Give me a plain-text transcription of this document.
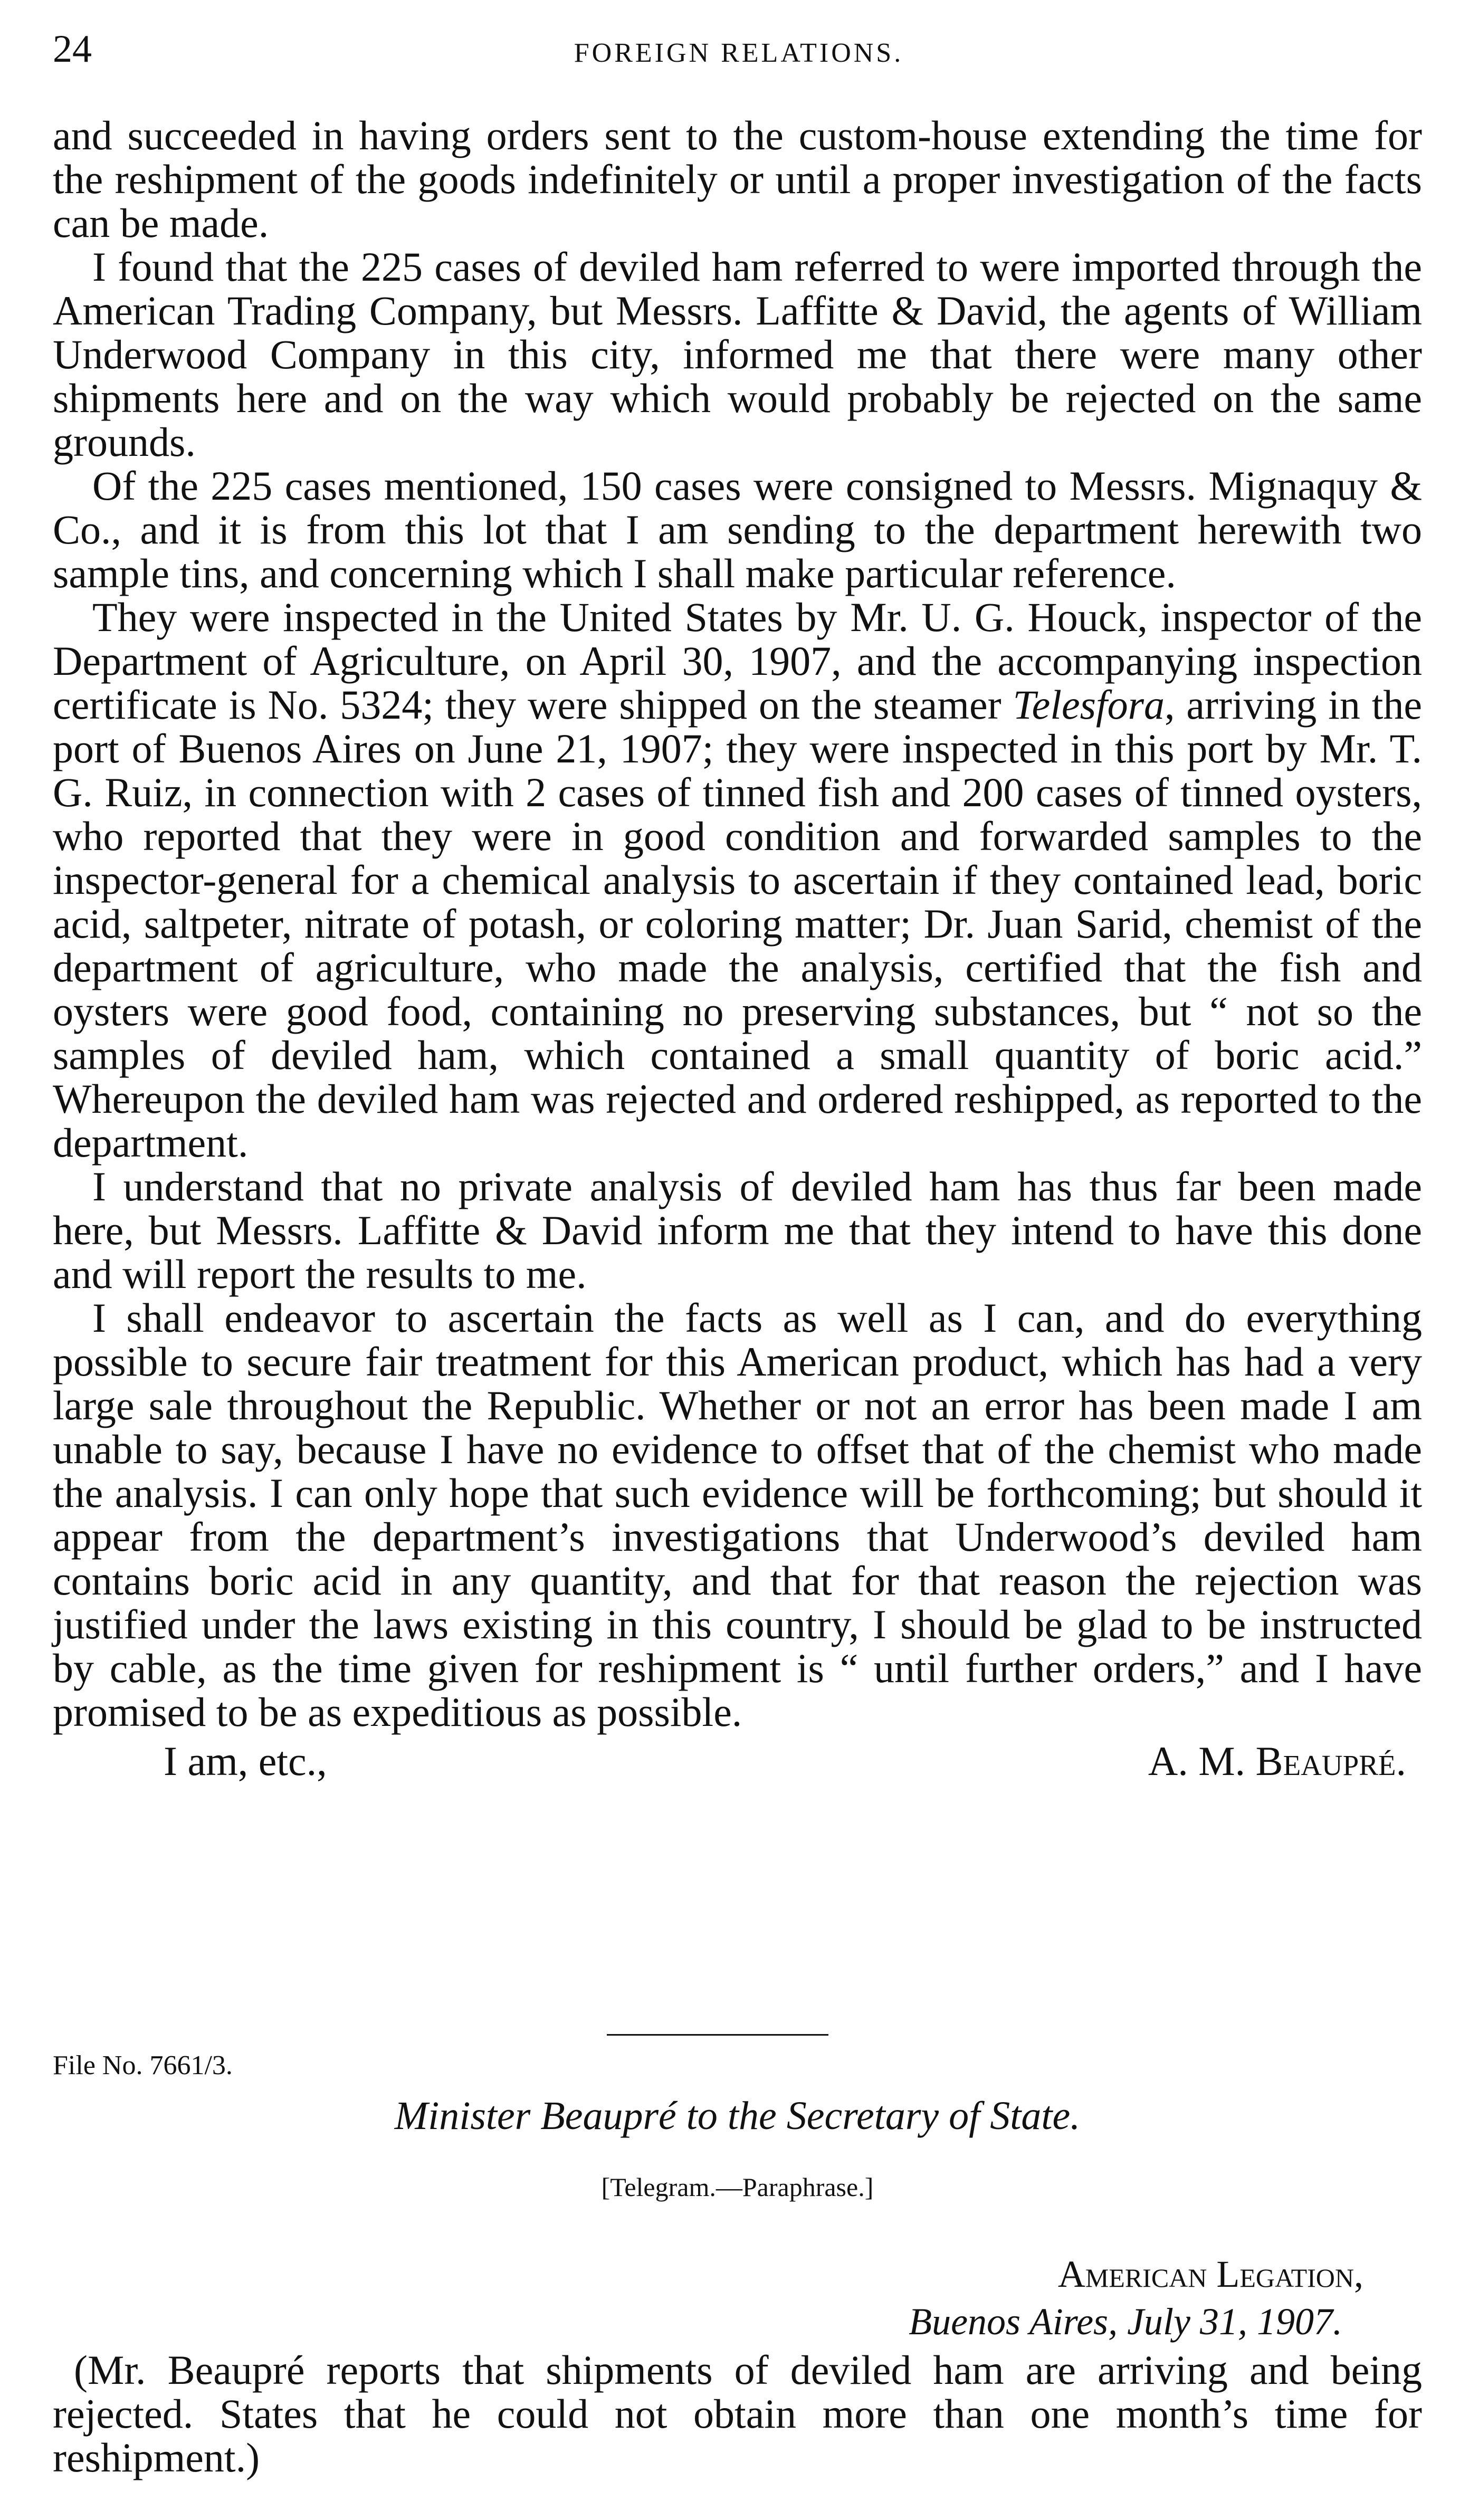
24	FOREIGN RELATIONS.

and succeeded in having orders sent to the custom-house extending the time for the reshipment of the goods indefinitely or until a proper investigation of the facts can be made.

I found that the 225 cases of deviled ham referred to were imported through the American Trading Company, but Messrs. Laffitte & David, the agents of William Underwood Company in this city, informed me that there were many other shipments here and on the way which would probably be rejected on the same grounds.

Of the 225 cases mentioned, 150 cases were consigned to Messrs. Mignaquy & Co., and it is from this lot that I am sending to the department herewith two sample tins, and concerning which I shall make particular reference.

They were inspected in the United States by Mr. U. G. Houck, inspector of the Department of Agriculture, on April 30, 1907, and the accompanying inspection certificate is No. 5324; they were shipped on the steamer Telesfora, arriving in the port of Buenos Aires on June 21, 1907; they were inspected in this port by Mr. T. G. Ruiz, in connection with 2 cases of tinned fish and 200 cases of tinned oysters, who reported that they were in good condition and forwarded samples to the inspector-general for a chemical analysis to ascertain if they contained lead, boric acid, saltpeter, nitrate of potash, or coloring matter; Dr. Juan Sarid, chemist of the department of agriculture, who made the analysis, certified that the fish and oysters were good food, containing no preserving substances, but “ not so the samples of deviled ham, which contained a small quantity of boric acid.” Whereupon the deviled ham was rejected and ordered reshipped, as reported to the department.

I understand that no private analysis of deviled ham has thus far been made here, but Messrs. Laffitte & David inform me that they intend to have this done and will report the results to me.

I shall endeavor to ascertain the facts as well as I can, and do everything possible to secure fair treatment for this American product, which has had a very large sale throughout the Republic. Whether or not an error has been made I am unable to say, because I have no evidence to offset that of the chemist who made the analysis. I can only hope that such evidence will be forthcoming; but should it appear from the department’s investigations that Underwood’s deviled ham contains boric acid in any quantity, and that for that reason the rejection was justified under the laws existing in this country, I should be glad to be instructed by cable, as the time given for reshipment is “ until further orders,” and I have promised to be as expeditious as possible.

I am, etc.,	A. M. Beaupré.
File No. 7661/3.
Minister Beaupré to the Secretary of State.
[Telegram.—Paraphrase.]
American Legation,
Buenos Aires, July 31, 1907.

(Mr. Beaupré reports that shipments of deviled ham are arriving and being rejected. States that he could not obtain more than one month’s time for reshipment.)
